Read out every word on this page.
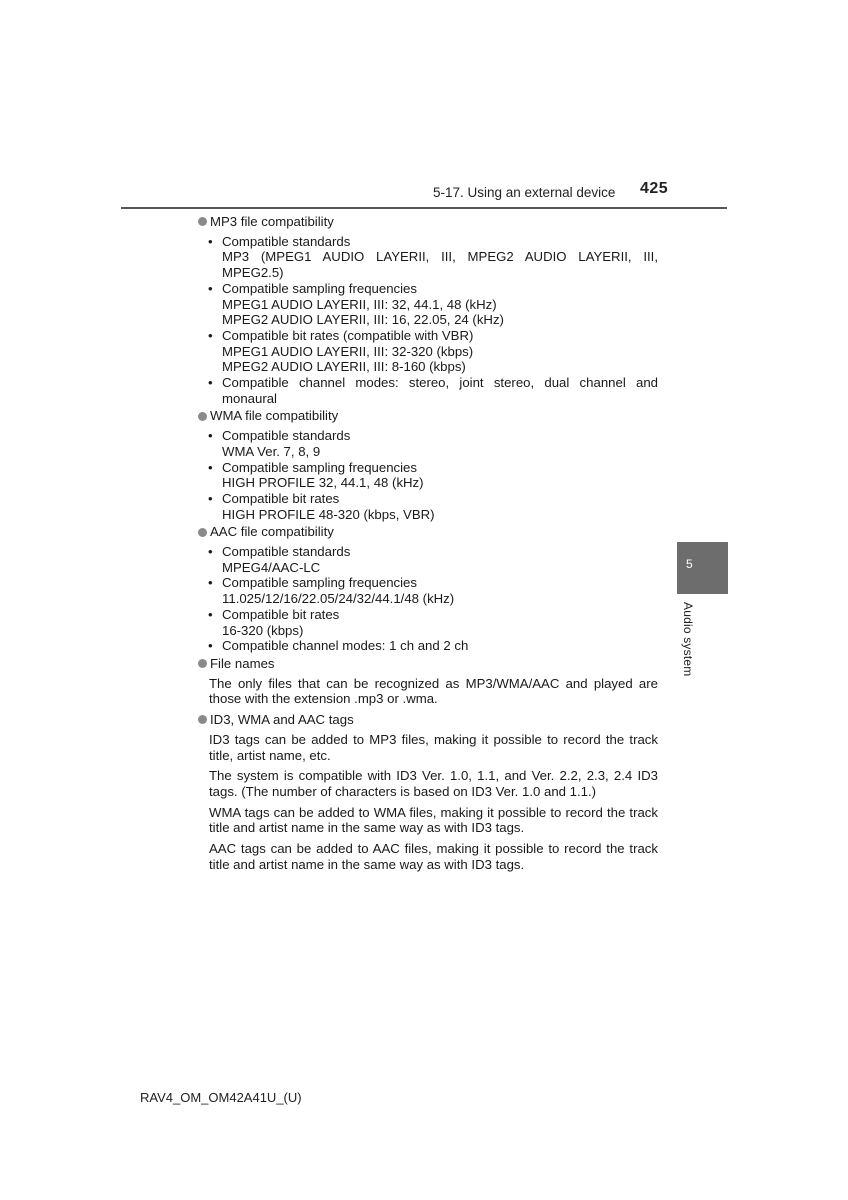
5-17. Using an external device 425
5
Audio system
MP3 file compatibility
• Compatible standards
MP3 (MPEG1 AUDIO LAYERII, III, MPEG2 AUDIO LAYERII, III, MPEG2.5)
• Compatible sampling frequencies
MPEG1 AUDIO LAYERII, III: 32, 44.1, 48 (kHz)
MPEG2 AUDIO LAYERII, III: 16, 22.05, 24 (kHz)
• Compatible bit rates (compatible with VBR)
MPEG1 AUDIO LAYERII, III: 32-320 (kbps)
MPEG2 AUDIO LAYERII, III: 8-160 (kbps)
• Compatible channel modes: stereo, joint stereo, dual channel and monaural
WMA file compatibility
• Compatible standards
WMA Ver. 7, 8, 9
• Compatible sampling frequencies
HIGH PROFILE 32, 44.1, 48 (kHz)
• Compatible bit rates
HIGH PROFILE 48-320 (kbps, VBR)
AAC file compatibility
• Compatible standards
MPEG4/AAC-LC
• Compatible sampling frequencies
11.025/12/16/22.05/24/32/44.1/48 (kHz)
• Compatible bit rates
16-320 (kbps)
• Compatible channel modes: 1 ch and 2 ch
File names

The only files that can be recognized as MP3/WMA/AAC and played are those with the extension .mp3 or .wma.

ID3, WMA and AAC tags

ID3 tags can be added to MP3 files, making it possible to record the track title, artist name, etc.

The system is compatible with ID3 Ver. 1.0, 1.1, and Ver. 2.2, 2.3, 2.4 ID3 tags. (The number of characters is based on ID3 Ver. 1.0 and 1.1.)

WMA tags can be added to WMA files, making it possible to record the track title and artist name in the same way as with ID3 tags.

AAC tags can be added to AAC files, making it possible to record the track title and artist name in the same way as with ID3 tags.

RAV4_OM_OM42A41U_(U)
